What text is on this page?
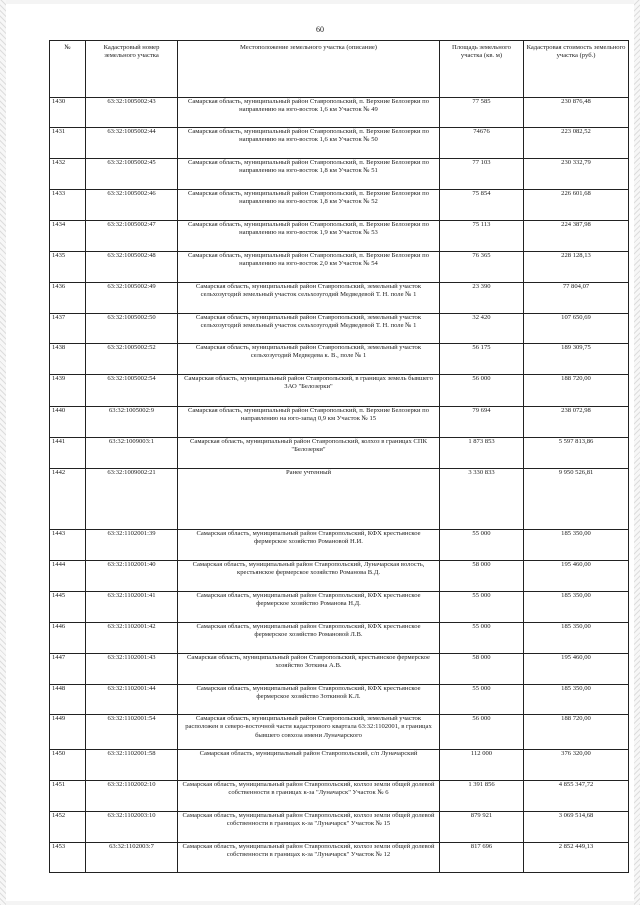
60
№	Кадастровый номер земельного участка	Местоположение земельного участка (описание)	Площадь земельного участка (кв. м)	Кадастровая стоимость земельного участка (руб.)
1430	63:32:1005002:43	Самарская область, муниципальный район Ставропольский, п. Верхние Белозерки по направлению на юго-восток 1,6 км Участок № 49	77 585	230 876,48
1431	63:32:1005002:44	Самарская область, муниципальный район Ставропольский, п. Верхние Белозерки по направлению на юго-восток 1,6 км Участок № 50	74676	223 082,52
1432	63:32:1005002:45	Самарская область, муниципальный район Ставропольский, п. Верхние Белозерки по направлению на юго-восток 1,8 км Участок № 51	77 103	230 332,79
1433	63:32:1005002:46	Самарская область, муниципальный район Ставропольский, п. Верхние Белозерки по направлению на юго-восток 1,8 км Участок № 52	75 854	226 601,68
1434	63:32:1005002:47	Самарская область, муниципальный район Ставропольский, п. Верхние Белозерки по направлению на юго-восток 1,9 км Участок № 53	75 113	224 387,98
1435	63:32:1005002:48	Самарская область, муниципальный район Ставропольский, п. Верхние Белозерки по направлению на юго-восток 2,0 км Участок № 54	76 365	228 128,13
1436	63:32:1005002:49	Самарская область, муниципальный район Ставропольский, земельный участок сельхозугодий земельный участок сельхозугодий Медведевой Т. Н. поле № 1	23 390	77 804,07
1437	63:32:1005002:50	Самарская область, муниципальный район Ставропольский, земельный участок сельхозугодий земельный участок сельхозугодий Медведевой Т. Н. поле № 1	32 420	107 650,69
1438	63:32:1005002:52	Самарская область, муниципальный район Ставропольский, земельный участок сельхозугодий Медведева к. В., поле № 1	56 175	189 309,75
1439	63:32:1005002:54	Самарская область, муниципальный район Ставропольский, в границах земель бывшего ЗАО "Белозерки"	56 000	188 720,00
1440	63:32:1005002:9	Самарская область, муниципальный район Ставропольский, п. Верхние Белозерки по направлению на юго-запад 0,9 км Участок № 15	79 694	238 072,98
1441	63:32:1009003:1	Самарская область, муниципальный район Ставропольский, колхоз в границах СПК "Белозерки"	1 873 853	5 597 813,86
1442	63:32:1009002:21	Ранее учтенный	3 330 833	9 950 526,81
1443	63:32:1102001:39	Самарская область, муниципальный район Ставропольский, КФХ крестьянское фермерское хозяйство Романовой Н.И.	55 000	185 350,00
1444	63:32:1102001:40	Самарская область, муниципальный район Ставропольский, Луначарская волость, крестьянское фермерское хозяйство Романова В.Д.	58 000	195 460,00
1445	63:32:1102001:41	Самарская область, муниципальный район Ставропольский, КФХ крестьянское фермерское хозяйство Романова Н.Д.	55 000	185 350,00
1446	63:32:1102001:42	Самарская область, муниципальный район Ставропольский, КФХ крестьянское фермерское хозяйство Романовой Л.В.	55 000	185 350,00
1447	63:32:1102001:43	Самарская область, муниципальный район Ставропольский, крестьянское фермерское хозяйство Зоткина А.В.	58 000	195 460,00
1448	63:32:1102001:44	Самарская область, муниципальный район Ставропольский, КФХ крестьянское фермерское хозяйство Зоткиной К.Л.	55 000	185 350,00
1449	63:32:1102001:54	Самарская область, муниципальный район Ставропольский, земельный участок расположен в северо-восточной части кадастрового квартала 63:32:1102001, в границах бывшего совхоза имени Луначарского	56 000	188 720,00
1450	63:32:1102001:58	Самарская область, муниципальный район Ставропольский, с/п Луначарский	112 000	376 320,00
1451	63:32:1102002:10	Самарская область, муниципальный район Ставропольский, колхоз земли общей долевой собственности в границах к-за "Луначарск" Участок № 6	1 391 856	4 855 347,72
1452	63:32:1102003:10	Самарская область, муниципальный район Ставропольский, колхоз земли общей долевой собственности в границах к-за "Луначарск" Участок № 15	879 921	3 069 514,68
1453	63:32:1102003:7	Самарская область, муниципальный район Ставропольский, колхоз земли общей долевой собственности в границах к-за "Луначарск" Участок № 12	817 696	2 852 449,13
